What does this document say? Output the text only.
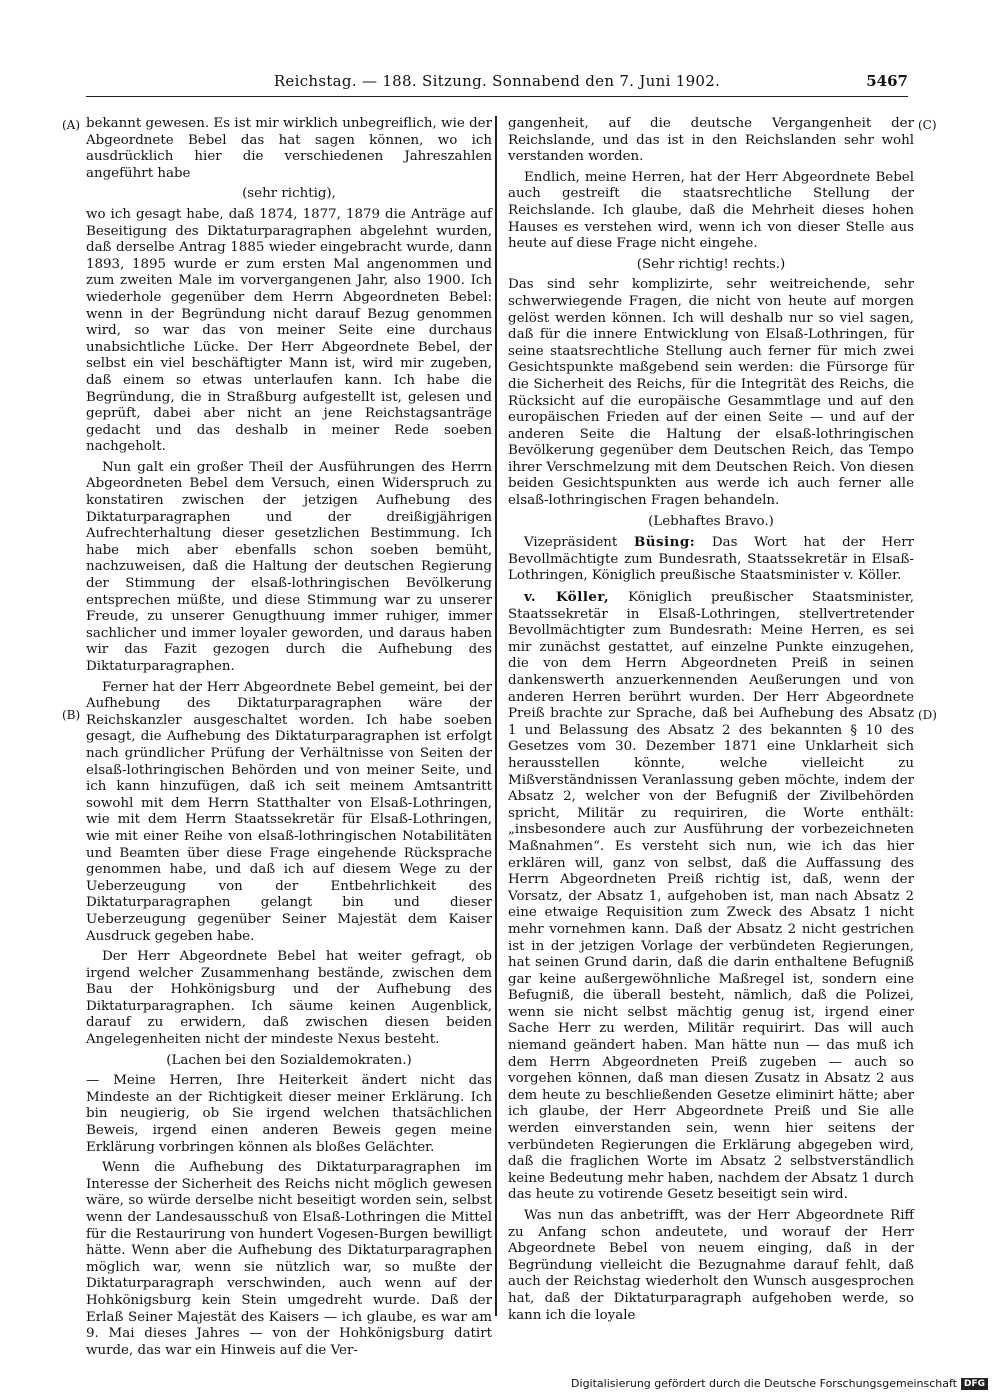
Reichstag. — 188. Sitzung. Sonnabend den 7. Juni 1902.	5467
(A)
(B)
(C)
(D)

bekannt gewesen. Es ist mir wirklich unbegreiflich, wie der Abgeordnete Bebel das hat sagen können, wo ich ausdrücklich hier die verschiedenen Jahreszahlen angeführt habe

(sehr richtig),

wo ich gesagt habe, daß 1874, 1877, 1879 die Anträge auf Beseitigung des Diktaturparagraphen abgelehnt wurden, daß derselbe Antrag 1885 wieder eingebracht wurde, dann 1893, 1895 wurde er zum ersten Mal angenommen und zum zweiten Male im vorvergangenen Jahr, also 1900. Ich wiederhole gegenüber dem Herrn Abgeordneten Bebel: wenn in der Begründung nicht darauf Bezug genommen wird, so war das von meiner Seite eine durchaus unabsichtliche Lücke. Der Herr Abgeordnete Bebel, der selbst ein viel beschäftigter Mann ist, wird mir zugeben, daß einem so etwas unterlaufen kann. Ich habe die Begründung, die in Straßburg aufgestellt ist, gelesen und geprüft, dabei aber nicht an jene Reichstagsanträge gedacht und das deshalb in meiner Rede soeben nachgeholt.

Nun galt ein großer Theil der Ausführungen des Herrn Abgeordneten Bebel dem Versuch, einen Widerspruch zu konstatiren zwischen der jetzigen Aufhebung des Diktaturparagraphen und der dreißigjährigen Aufrechterhaltung dieser gesetzlichen Bestimmung. Ich habe mich aber ebenfalls schon soeben bemüht, nachzuweisen, daß die Haltung der deutschen Regierung der Stimmung der elsaß-lothringischen Bevölkerung entsprechen müßte, und diese Stimmung war zu unserer Freude, zu unserer Genugthuung immer ruhiger, immer sachlicher und immer loyaler geworden, und daraus haben wir das Fazit gezogen durch die Aufhebung des Diktaturparagraphen.

Ferner hat der Herr Abgeordnete Bebel gemeint, bei der Aufhebung des Diktaturparagraphen wäre der Reichskanzler ausgeschaltet worden. Ich habe soeben gesagt, die Aufhebung des Diktaturparagraphen ist erfolgt nach gründlicher Prüfung der Verhältnisse von Seiten der elsaß-lothringischen Behörden und von meiner Seite, und ich kann hinzufügen, daß ich seit meinem Amtsantritt sowohl mit dem Herrn Statthalter von Elsaß-Lothringen, wie mit dem Herrn Staatssekretär für Elsaß-Lothringen, wie mit einer Reihe von elsaß-lothringischen Notabilitäten und Beamten über diese Frage eingehende Rücksprache genommen habe, und daß ich auf diesem Wege zu der Ueberzeugung von der Entbehrlichkeit des Diktaturparagraphen gelangt bin und dieser Ueberzeugung gegenüber Seiner Majestät dem Kaiser Ausdruck gegeben habe.

Der Herr Abgeordnete Bebel hat weiter gefragt, ob irgend welcher Zusammenhang bestände, zwischen dem Bau der Hohkönigsburg und der Aufhebung des Diktaturparagraphen. Ich säume keinen Augenblick, darauf zu erwidern, daß zwischen diesen beiden Angelegenheiten nicht der mindeste Nexus besteht.

(Lachen bei den Sozialdemokraten.)

— Meine Herren, Ihre Heiterkeit ändert nicht das Mindeste an der Richtigkeit dieser meiner Erklärung. Ich bin neugierig, ob Sie irgend welchen thatsächlichen Beweis, irgend einen anderen Beweis gegen meine Erklärung vorbringen können als bloßes Gelächter.

Wenn die Aufhebung des Diktaturparagraphen im Interesse der Sicherheit des Reichs nicht möglich gewesen wäre, so würde derselbe nicht beseitigt worden sein, selbst wenn der Landesausschuß von Elsaß-Lothringen die Mittel für die Restaurirung von hundert Vogesen-Burgen bewilligt hätte. Wenn aber die Aufhebung des Diktaturparagraphen möglich war, wenn sie nützlich war, so mußte der Diktaturparagraph verschwinden, auch wenn auf der Hohkönigsburg kein Stein umgedreht wurde. Daß der Erlaß Seiner Majestät des Kaisers — ich glaube, es war am 9. Mai dieses Jahres — von der Hohkönigsburg datirt wurde, das war ein Hinweis auf die Ver-

gangenheit, auf die deutsche Vergangenheit der Reichslande, und das ist in den Reichslanden sehr wohl verstanden worden.

Endlich, meine Herren, hat der Herr Abgeordnete Bebel auch gestreift die staatsrechtliche Stellung der Reichslande. Ich glaube, daß die Mehrheit dieses hohen Hauses es verstehen wird, wenn ich von dieser Stelle aus heute auf diese Frage nicht eingehe.

(Sehr richtig! rechts.)

Das sind sehr komplizirte, sehr weitreichende, sehr schwerwiegende Fragen, die nicht von heute auf morgen gelöst werden können. Ich will deshalb nur so viel sagen, daß für die innere Entwicklung von Elsaß-Lothringen, für seine staatsrechtliche Stellung auch ferner für mich zwei Gesichtspunkte maßgebend sein werden: die Fürsorge für die Sicherheit des Reichs, für die Integrität des Reichs, die Rücksicht auf die europäische Gesammtlage und auf den europäischen Frieden auf der einen Seite — und auf der anderen Seite die Haltung der elsaß-lothringischen Bevölkerung gegenüber dem Deutschen Reich, das Tempo ihrer Verschmelzung mit dem Deutschen Reich. Von diesen beiden Gesichtspunkten aus werde ich auch ferner alle elsaß-lothringischen Fragen behandeln.

(Lebhaftes Bravo.)

Vizepräsident Büsing: Das Wort hat der Herr Bevollmächtigte zum Bundesrath, Staatssekretär in Elsaß-Lothringen, Königlich preußische Staatsminister v. Köller.

v. Köller, Königlich preußischer Staatsminister, Staatssekretär in Elsaß-Lothringen, stellvertretender Bevollmächtigter zum Bundesrath: Meine Herren, es sei mir zunächst gestattet, auf einzelne Punkte einzugehen, die von dem Herrn Abgeordneten Preiß in seinen dankenswerth anzuerkennenden Aeußerungen und von anderen Herren berührt wurden. Der Herr Abgeordnete Preiß brachte zur Sprache, daß bei Aufhebung des Absatz 1 und Belassung des Absatz 2 des bekannten § 10 des Gesetzes vom 30. Dezember 1871 eine Unklarheit sich herausstellen könnte, welche vielleicht zu Mißverständnissen Veranlassung geben möchte, indem der Absatz 2, welcher von der Befugniß der Zivilbehörden spricht, Militär zu requiriren, die Worte enthält: „insbesondere auch zur Ausführung der vorbezeichneten Maßnahmen“. Es versteht sich nun, wie ich das hier erklären will, ganz von selbst, daß die Auffassung des Herrn Abgeordneten Preiß richtig ist, daß, wenn der Vorsatz, der Absatz 1, aufgehoben ist, man nach Absatz 2 eine etwaige Requisition zum Zweck des Absatz 1 nicht mehr vornehmen kann. Daß der Absatz 2 nicht gestrichen ist in der jetzigen Vorlage der verbündeten Regierungen, hat seinen Grund darin, daß die darin enthaltene Befugniß gar keine außergewöhnliche Maßregel ist, sondern eine Befugniß, die überall besteht, nämlich, daß die Polizei, wenn sie nicht selbst mächtig genug ist, irgend einer Sache Herr zu werden, Militär requirirt. Das will auch niemand geändert haben. Man hätte nun — das muß ich dem Herrn Abgeordneten Preiß zugeben — auch so vorgehen können, daß man diesen Zusatz in Absatz 2 aus dem heute zu beschließenden Gesetze eliminirt hätte; aber ich glaube, der Herr Abgeordnete Preiß und Sie alle werden einverstanden sein, wenn hier seitens der verbündeten Regierungen die Erklärung abgegeben wird, daß die fraglichen Worte im Absatz 2 selbstverständlich keine Bedeutung mehr haben, nachdem der Absatz 1 durch das heute zu votirende Gesetz beseitigt sein wird.

Was nun das anbetrifft, was der Herr Abgeordnete Riff zu Anfang schon andeutete, und worauf der Herr Abgeordnete Bebel von neuem einging, daß in der Begründung vielleicht die Bezugnahme darauf fehlt, daß auch der Reichstag wiederholt den Wunsch ausgesprochen hat, daß der Diktaturparagraph aufgehoben werde, so kann ich die loyale

Digitalisierung gefördert durch die Deutsche Forschungsgemeinschaft DFG
